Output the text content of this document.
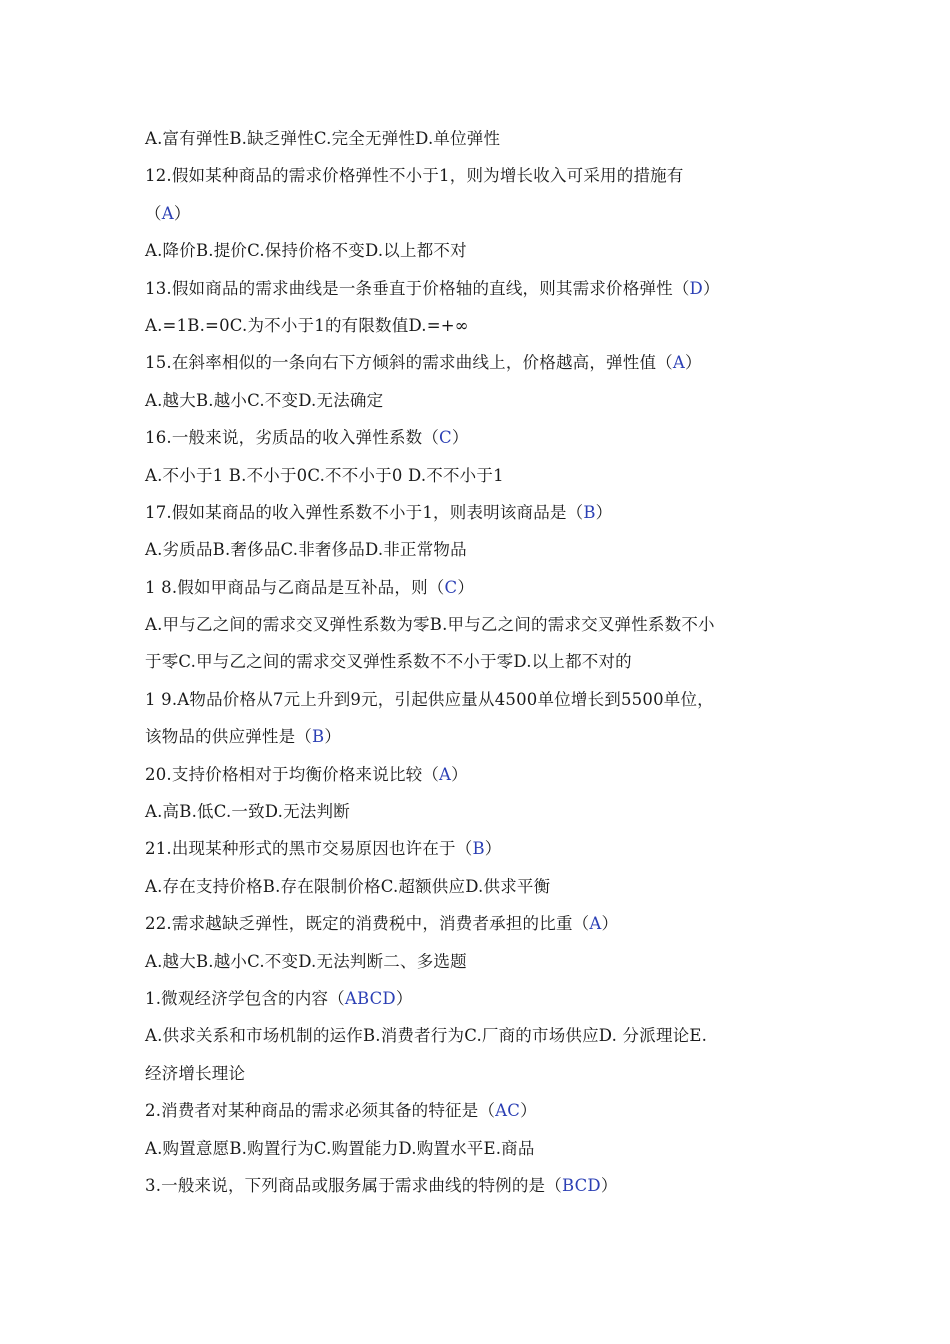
A.富有弹性B.缺乏弹性C.完全无弹性D.单位弹性
12.假如某种商品的需求价格弹性不小于1，则为增长收入可采用的措施有
（A）
A.降价B.提价C.保持价格不变D.以上都不对
13.假如商品的需求曲线是一条垂直于价格轴的直线，则其需求价格弹性（D）
A.=1B.=0C.为不小于1的有限数值D.=+∞
15.在斜率相似的一条向右下方倾斜的需求曲线上，价格越高，弹性值（A）
A.越大B.越小C.不变D.无法确定
16.一般来说，劣质品的收入弹性系数（C）
A.不小于1 B.不小于0C.不不小于0 D.不不小于1
17.假如某商品的收入弹性系数不小于1，则表明该商品是（B）
A.劣质品B.奢侈品C.非奢侈品D.非正常物品
1 8.假如甲商品与乙商品是互补品，则（C）
A.甲与乙之间的需求交叉弹性系数为零B.甲与乙之间的需求交叉弹性系数不小
于零C.甲与乙之间的需求交叉弹性系数不不小于零D.以上都不对的
1 9.A物品价格从7元上升到9元，引起供应量从4500单位增长到5500单位，
该物品的供应弹性是（B）
20.支持价格相对于均衡价格来说比较（A）
A.高B.低C.一致D.无法判断
21.出现某种形式的黑市交易原因也许在于（B）
A.存在支持价格B.存在限制价格C.超额供应D.供求平衡
22.需求越缺乏弹性，既定的消费税中，消费者承担的比重（A）
A.越大B.越小C.不变D.无法判断二、多选题
1.微观经济学包含的内容（ABCD）
A.供求关系和市场机制的运作B.消费者行为C.厂商的市场供应D. 分派理论E.
经济增长理论
2.消费者对某种商品的需求必须其备的特征是（AC）
A.购置意愿B.购置行为C.购置能力D.购置水平E.商品
3.一般来说，下列商品或服务属于需求曲线的特例的是（BCD）
